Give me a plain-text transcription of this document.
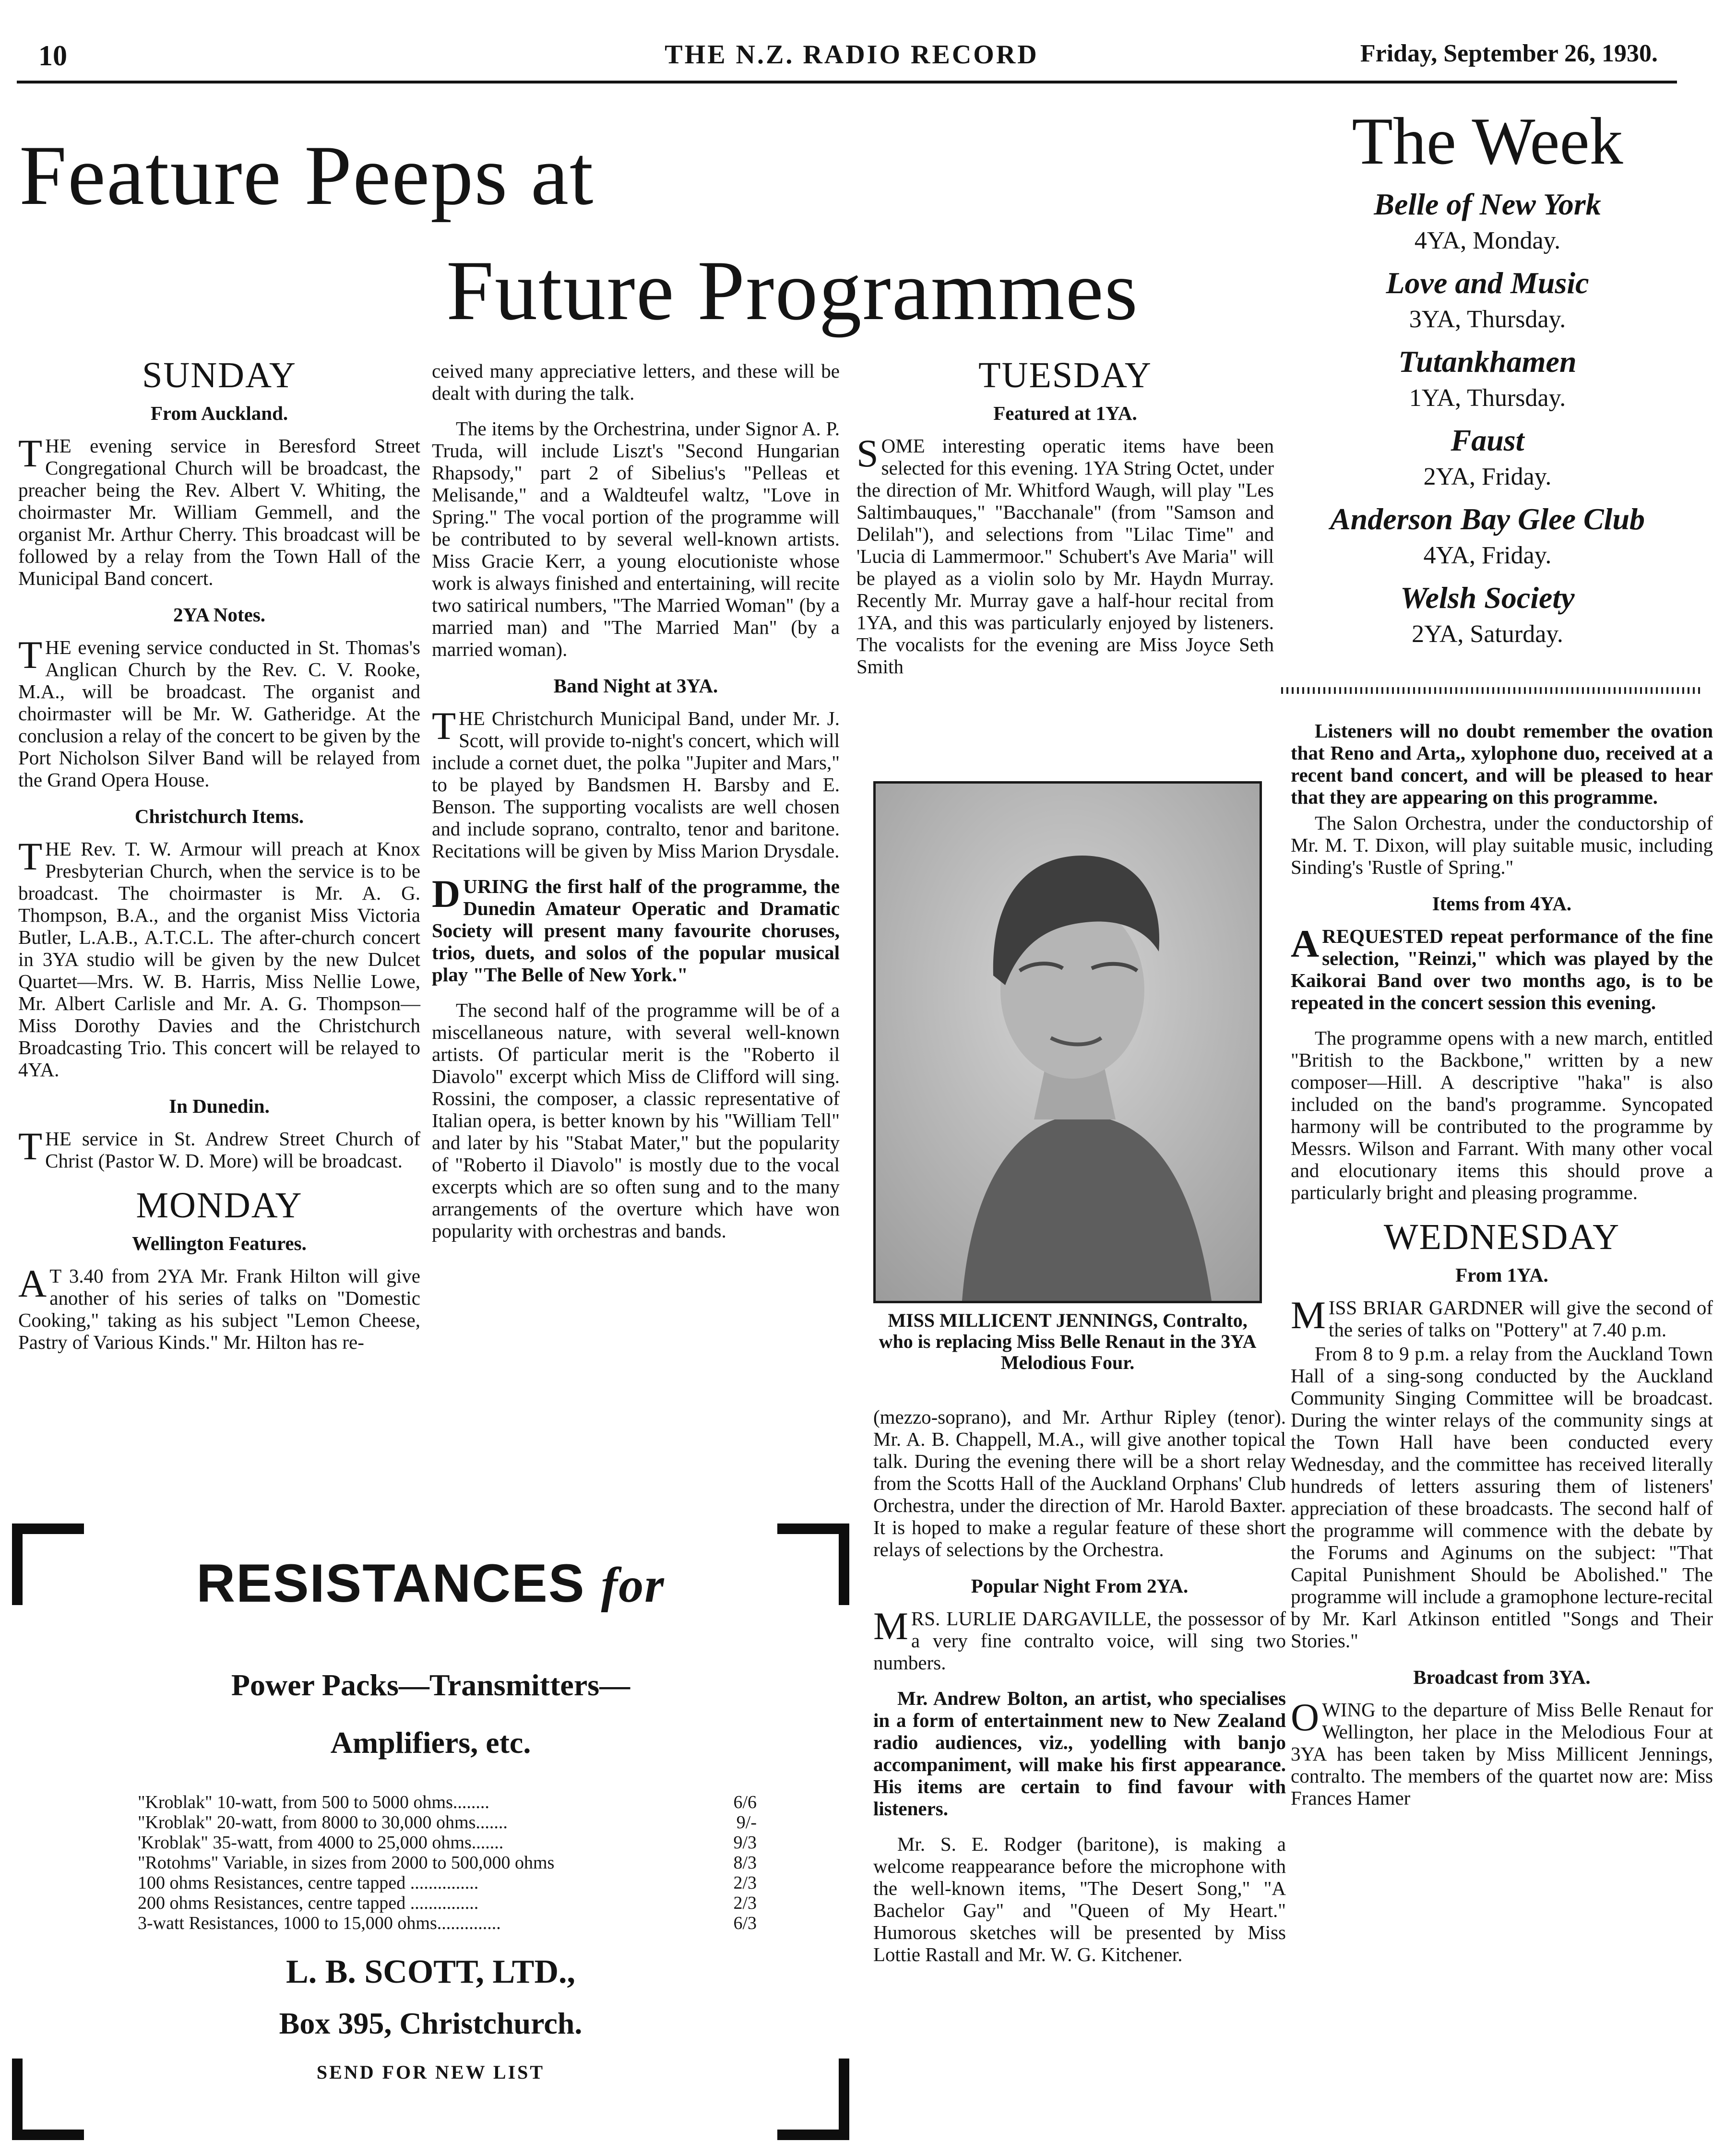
10	THE N.Z. RADIO RECORD	Friday, September 26, 1930.
Feature Peeps at
Future Programmes
SUNDAY
From Auckland.

THE evening service in Beresford Street Congregational Church will be broadcast, the preacher being the Rev. Albert V. Whiting, the choirmaster Mr. William Gemmell, and the organist Mr. Arthur Cherry. This broadcast will be followed by a relay from the Town Hall of the Municipal Band concert.

2YA Notes.

THE evening service conducted in St. Thomas's Anglican Church by the Rev. C. V. Rooke, M.A., will be broadcast. The organist and choirmaster will be Mr. W. Gatheridge. At the conclusion a relay of the concert to be given by the Port Nicholson Silver Band will be relayed from the Grand Opera House.

Christchurch Items.

THE Rev. T. W. Armour will preach at Knox Presbyterian Church, when the service is to be broadcast. The choirmaster is Mr. A. G. Thompson, B.A., and the organist Miss Victoria Butler, L.A.B., A.T.C.L. The after-church concert in 3YA studio will be given by the new Dulcet Quartet—Mrs. W. B. Harris, Miss Nellie Lowe, Mr. Albert Carlisle and Mr. A. G. Thompson—Miss Dorothy Davies and the Christchurch Broadcasting Trio. This concert will be relayed to 4YA.

In Dunedin.

THE service in St. Andrew Street Church of Christ (Pastor W. D. More) will be broadcast.

MONDAY
Wellington Features.

A T 3.40 from 2YA Mr. Frank Hilton will give another of his series of talks on "Domestic Cooking," taking as his subject "Lemon Cheese, Pastry of Various Kinds." Mr. Hilton has re-

ceived many appreciative letters, and these will be dealt with during the talk.

The items by the Orchestrina, under Signor A. P. Truda, will include Liszt's "Second Hungarian Rhapsody," part 2 of Sibelius's "Pelleas et Melisande," and a Waldteufel waltz, "Love in Spring." The vocal portion of the programme will be contributed to by several well-known artists. Miss Gracie Kerr, a young elocutioniste whose work is always finished and entertaining, will recite two satirical numbers, "The Married Woman" (by a married man) and "The Married Man" (by a married woman).

Band Night at 3YA.

THE Christchurch Municipal Band, under Mr. J. Scott, will provide to-night's concert, which will include a cornet duet, the polka "Jupiter and Mars," to be played by Bandsmen H. Barsby and E. Benson. The supporting vocalists are well chosen and include soprano, contralto, tenor and baritone. Recitations will be given by Miss Marion Drysdale.

DURING the first half of the programme, the Dunedin Amateur Operatic and Dramatic Society will present many favourite choruses, trios, duets, and solos of the popular musical play "The Belle of New York."

The second half of the programme will be of a miscellaneous nature, with several well-known artists. Of particular merit is the "Roberto il Diavolo" excerpt which Miss de Clifford will sing. Rossini, the composer, a classic representative of Italian opera, is better known by his "William Tell" and later by his "Stabat Mater," but the popularity of "Roberto il Diavolo" is mostly due to the vocal excerpts which are so often sung and to the many arrangements of the overture which have won popularity with orchestras and bands.

TUESDAY
Featured at 1YA.

SOME interesting operatic items have been selected for this evening. 1YA String Octet, under the direction of Mr. Whitford Waugh, will play "Les Saltimbauques," "Bacchanale" (from "Samson and Delilah"), and selections from "Lilac Time" and 'Lucia di Lammermoor." Schubert's Ave Maria" will be played as a violin solo by Mr. Haydn Murray. Recently Mr. Murray gave a half-hour recital from 1YA, and this was particularly enjoyed by listeners. The vocalists for the evening are Miss Joyce Seth Smith

MISS MILLICENT JENNINGS, Contralto, who is replacing Miss Belle Renaut in the 3YA Melodious Four.

(mezzo-soprano), and Mr. Arthur Ripley (tenor). Mr. A. B. Chappell, M.A., will give another topical talk. During the evening there will be a short relay from the Scotts Hall of the Auckland Orphans' Club Orchestra, under the direction of Mr. Harold Baxter. It is hoped to make a regular feature of these short relays of selections by the Orchestra.

Popular Night From 2YA.

MRS. LURLIE DARGAVILLE, the possessor of a very fine contralto voice, will sing two numbers.

Mr. Andrew Bolton, an artist, who specialises in a form of entertainment new to New Zealand radio audiences, viz., yodelling with banjo accompaniment, will make his first appearance. His items are certain to find favour with listeners.

Mr. S. E. Rodger (baritone), is making a welcome reappearance before the microphone with the well-known items, "The Desert Song," "A Bachelor Gay" and "Queen of My Heart." Humorous sketches will be presented by Miss Lottie Rastall and Mr. W. G. Kitchener.

The Week
Belle of New York
4YA, Monday.
Love and Music
3YA, Thursday.
Tutankhamen
1YA, Thursday.
Faust
2YA, Friday.
Anderson Bay Glee Club
4YA, Friday.
Welsh Society
2YA, Saturday.

Listeners will no doubt remember the ovation that Reno and Arta,, xylophone duo, received at a recent band concert, and will be pleased to hear that they are appearing on this programme.

The Salon Orchestra, under the conductorship of Mr. M. T. Dixon, will play suitable music, including Sinding's 'Rustle of Spring."

Items from 4YA.

AREQUESTED repeat performance of the fine selection, "Reinzi," which was played by the Kaikorai Band over two months ago, is to be repeated in the concert session this evening.

The programme opens with a new march, entitled "British to the Backbone," written by a new composer—Hill. A descriptive "haka" is also included on the band's programme. Syncopated harmony will be contributed to the programme by Messrs. Wilson and Farrant. With many other vocal and elocutionary items this should prove a particularly bright and pleasing programme.

WEDNESDAY
From 1YA.

MISS BRIAR GARDNER will give the second of the series of talks on "Pottery" at 7.40 p.m.

From 8 to 9 p.m. a relay from the Auckland Town Hall of a sing-song conducted by the Auckland Community Singing Committee will be broadcast. During the winter relays of the community sings at the Town Hall have been conducted every Wednesday, and the committee has received literally hundreds of letters assuring them of listeners' appreciation of these broadcasts. The second half of the programme will commence with the debate by the Forums and Aginums on the subject: "That Capital Punishment Should be Abolished." The programme will include a gramophone lecture-recital by Mr. Karl Atkinson entitled "Songs and Their Stories."

Broadcast from 3YA.

OWING to the departure of Miss Belle Renaut for Wellington, her place in the Melodious Four at 3YA has been taken by Miss Millicent Jennings, contralto. The members of the quartet now are: Miss Frances Hamer

RESISTANCES for
Power Packs—Transmitters—
Amplifiers, etc.
"Kroblak" 10-watt, from 500 to 5000 ohms........	6/6
"Kroblak" 20-watt, from 8000 to 30,000 ohms.......	9/-
'Kroblak" 35-watt, from 4000 to 25,000 ohms.......	9/3
"Rotohms" Variable, in sizes from 2000 to 500,000 ohms	8/3
100 ohms Resistances, centre tapped ...............	2/3
200 ohms Resistances, centre tapped ...............	2/3
3-watt Resistances, 1000 to 15,000 ohms..............	6/3
L. B. SCOTT, LTD.,
Box 395, Christchurch.
SEND FOR NEW LIST
